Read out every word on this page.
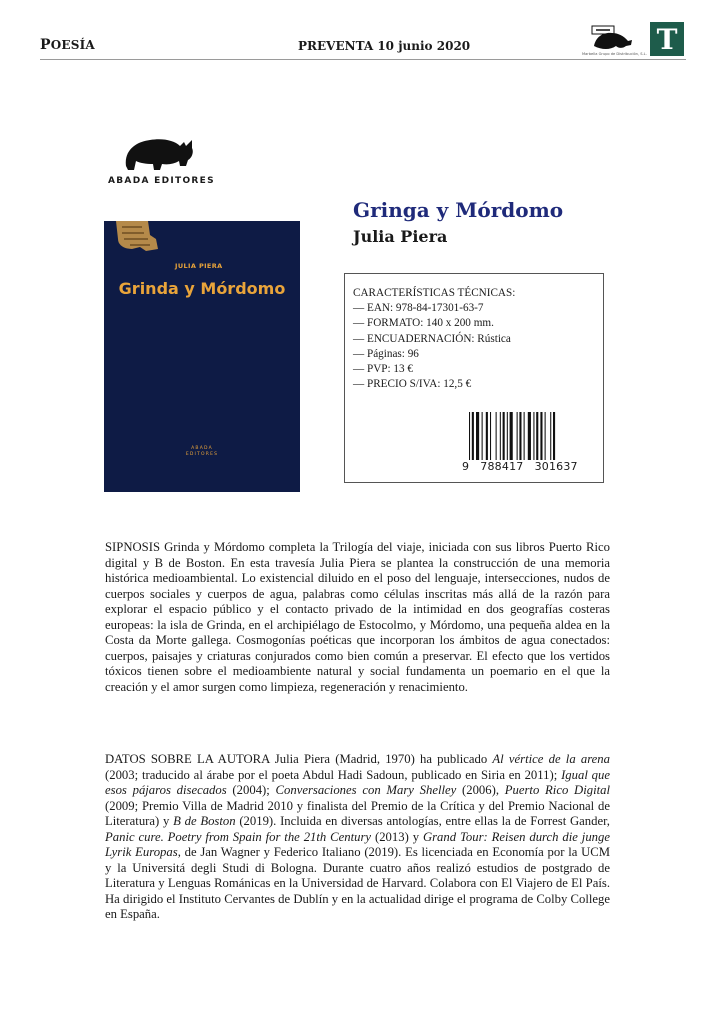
POESÍA	PREVENTA 10 junio 2020
Marbella Grupo de Distribución, S.L. T
ABADA EDITORES
JULIA PIERA
Grinda y Mórdomo
ABADA
EDITORES
Gringa y Mórdomo
Julia Piera
CARACTERÍSTICAS TÉCNICAS:
— EAN: 978-84-17301-63-7
— FORMATO: 140 x 200 mm.
— ENCUADERNACIÓN: Rústica
— Páginas: 96
— PVP: 13 €
— PRECIO S/IVA: 12,5 €
9   788417   301637
SIPNOSIS Grinda y Mórdomo completa la Trilogía del viaje, iniciada con sus libros Puerto Rico digital y B de Boston. En esta travesía Julia Piera se plantea la construcción de una memoria histórica medioambiental. Lo existencial diluido en el poso del lenguaje, intersecciones, nudos de cuerpos sociales y cuerpos de agua, palabras como células inscritas más allá de la razón para explorar el espacio público y el contacto privado de la intimidad en dos geografías costeras europeas: la isla de Grinda, en el archipiélago de Estocolmo, y Mórdomo, una pequeña aldea en la Costa da Morte gallega. Cosmogonías poéticas que incorporan los ámbitos de agua conectados: cuerpos, paisajes y criaturas conjurados como bien común a preservar. El efecto que los vertidos tóxicos tienen sobre el medioambiente natural y social fundamenta un poemario en el que la creación y el amor surgen como limpieza, regeneración y renacimiento.
DATOS SOBRE LA AUTORA Julia Piera (Madrid, 1970) ha publicado Al vértice de la arena (2003; traducido al árabe por el poeta Abdul Hadi Sadoun, publicado en Siria en 2011); Igual que esos pájaros disecados (2004); Conversaciones con Mary Shelley (2006), Puerto Rico Digital (2009; Premio Villa de Madrid 2010 y finalista del Premio de la Crítica y del Premio Nacional de Literatura) y B de Boston (2019). Incluida en diversas antologías, entre ellas la de Forrest Gander, Panic cure. Poetry from Spain for the 21th Century (2013) y Grand Tour: Reisen durch die junge Lyrik Europas, de Jan Wagner y Federico Italiano (2019). Es licenciada en Economía por la UCM y la Universitá degli Studi di Bologna. Durante cuatro años realizó estudios de postgrado de Literatura y Lenguas Románicas en la Universidad de Harvard. Colabora con El Viajero de El País. Ha dirigido el Instituto Cervantes de Dublín y en la actualidad dirige el programa de Colby College en España.
